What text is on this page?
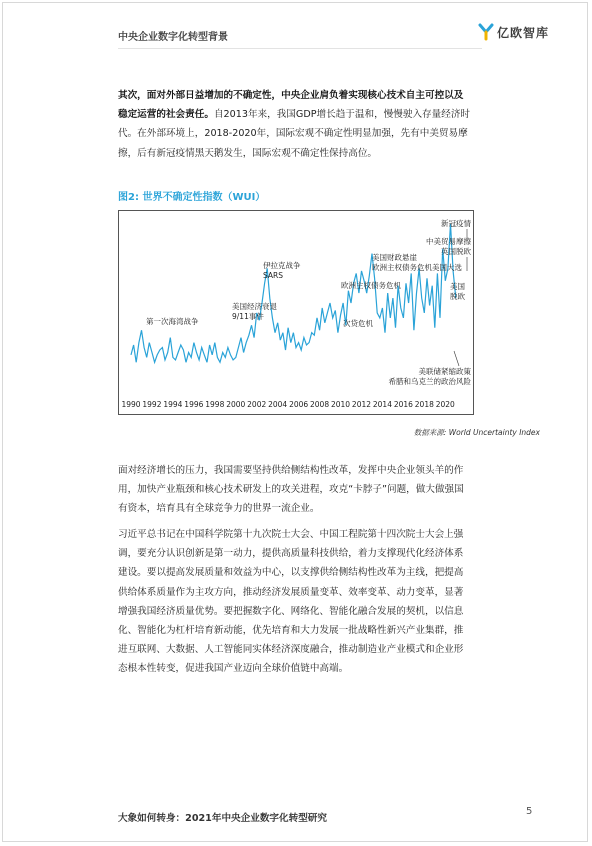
中央企业数字化转型背景	亿欧智库
其次，面对外部日益增加的不确定性，中央企业肩负着实现核心技术自主可控以及稳定运营的社会责任。自2013年来，我国GDP增长趋于温和，慢慢驶入存量经济时代。在外部环境上，2018-2020年，国际宏观不确定性明显加强，先有中美贸易摩擦，后有新冠疫情黑天鹅发生，国际宏观不确定性保持高位。
图2: 世界不确定性指数（WUI）
第一次海湾战争
美国经济衰退
9/11事件
伊拉克战争
SARS
次贷危机
美国财政悬崖
欧洲主权债务危机
欧洲主权债务危机
美国大选
美国
脱欧
新冠疫情
中美贸易摩擦
英国脱欧
美联储紧缩政策
希腊和乌克兰的政治风险
1990 1992 1994 1996 1998 2000 2002 2004 2006 2008 2010 2012 2014 2016 2018 2020
数据来源: World Uncertainty Index
面对经济增长的压力，我国需要坚持供给侧结构性改革，发挥中央企业领头羊的作用，加快产业瓶颈和核心技术研发上的攻关进程，攻克“卡脖子”问题，做大做强国有资本，培育具有全球竞争力的世界一流企业。
习近平总书记在中国科学院第十九次院士大会、中国工程院第十四次院士大会上强调，要充分认识创新是第一动力，提供高质量科技供给，着力支撑现代化经济体系建设。要以提高发展质量和效益为中心，以支撑供给侧结构性改革为主线，把提高供给体系质量作为主攻方向，推动经济发展质量变革、效率变革、动力变革，显著增强我国经济质量优势。要把握数字化、网络化、智能化融合发展的契机，以信息化、智能化为杠杆培育新动能，优先培育和大力发展一批战略性新兴产业集群，推进互联网、大数据、人工智能同实体经济深度融合，推动制造业产业模式和企业形态根本性转变，促进我国产业迈向全球价值链中高端。
大象如何转身：2021年中央企业数字化转型研究
5
